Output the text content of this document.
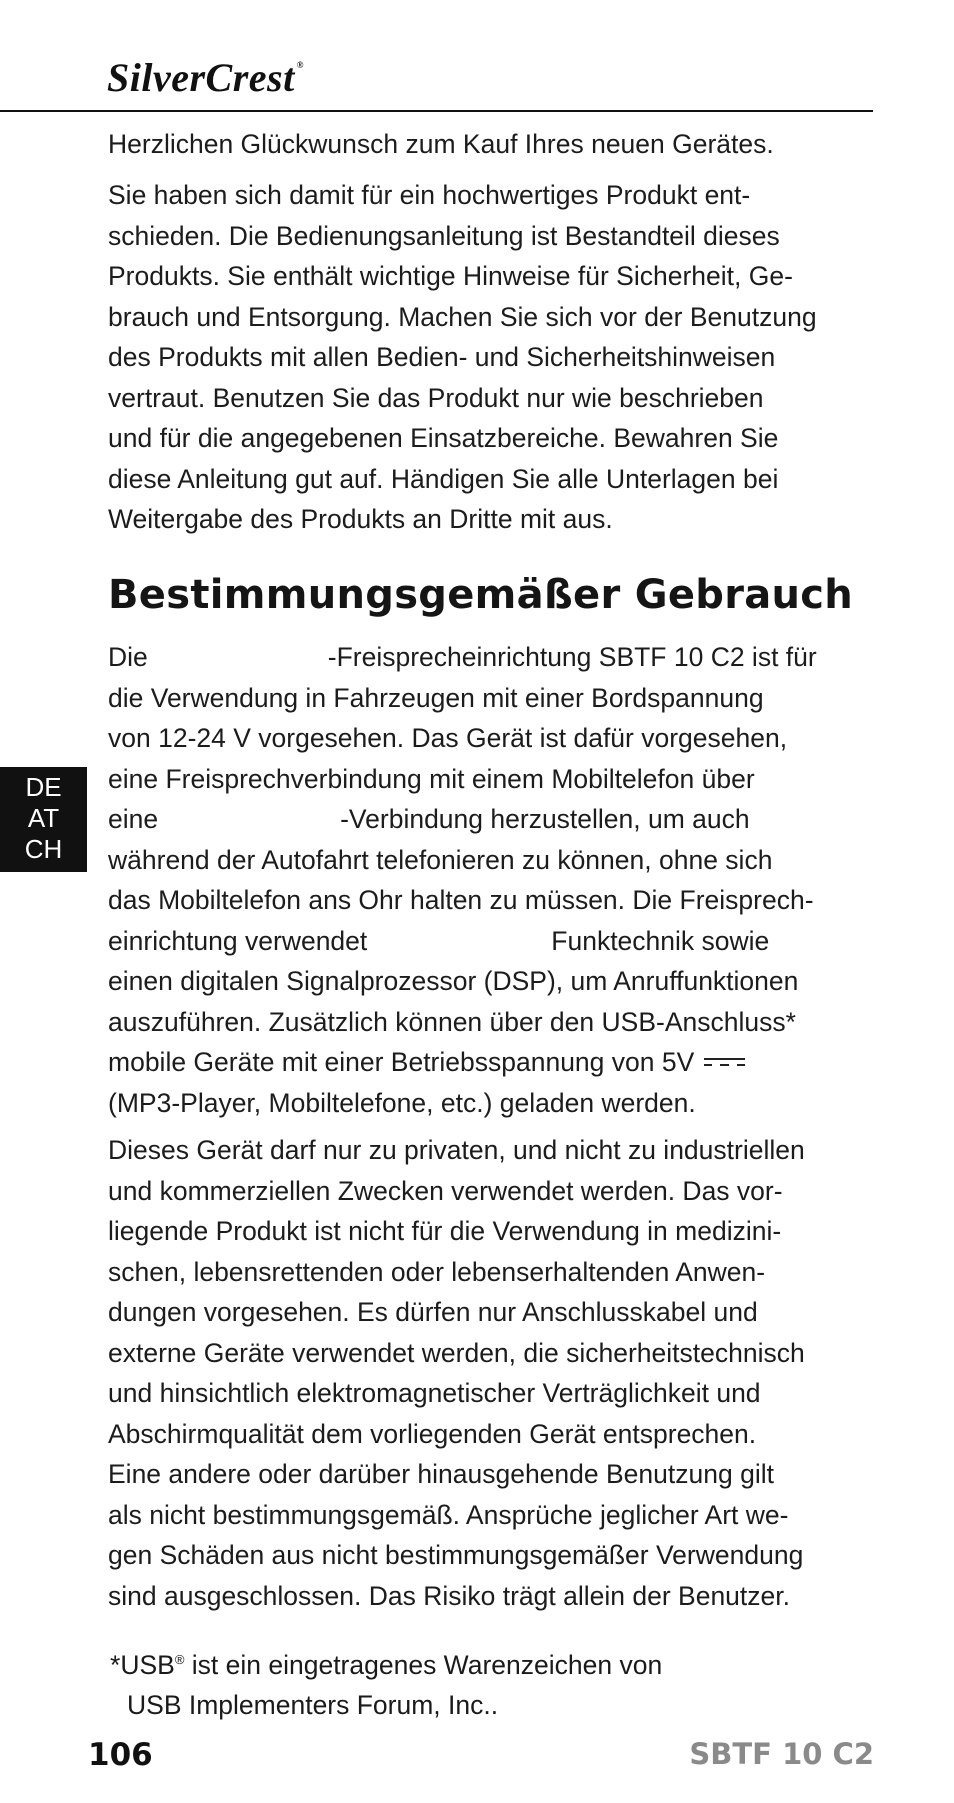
SilverCrest ®
Herzlichen Glückwunsch zum Kauf Ihres neuen Gerätes.
Sie haben sich damit für ein hochwertiges Produkt ent-
schieden. Die Bedienungsanleitung ist Bestandteil dieses
Produkts. Sie enthält wichtige Hinweise für Sicherheit, Ge-
brauch und Entsorgung. Machen Sie sich vor der Benutzung
des Produkts mit allen Bedien- und Sicherheitshinweisen
vertraut. Benutzen Sie das Produkt nur wie beschrieben
und für die angegebenen Einsatzbereiche. Bewahren Sie
diese Anleitung gut auf. Händigen Sie alle Unterlagen bei
Weitergabe des Produkts an Dritte mit aus.
Bestimmungsgemäßer Gebrauch
Die	-Freisprecheinrichtung SBTF 10 C2 ist für
die Verwendung in Fahrzeugen mit einer Bordspannung
von 12-24 V vorgesehen. Das Gerät ist dafür vorgesehen,
eine Freisprechverbindung mit einem Mobiltelefon über
eine	-Verbindung herzustellen, um auch
während der Autofahrt telefonieren zu können, ohne sich
das Mobiltelefon ans Ohr halten zu müssen. Die Freisprech-
einrichtung verwendet	Funktechnik sowie
einen digitalen Signalprozessor (DSP), um Anruffunktionen
auszuführen. Zusätzlich können über den USB-Anschluss*
mobile Geräte mit einer Betriebsspannung von 5V
(MP3-Player, Mobiltelefone, etc.) geladen werden.
Dieses Gerät darf nur zu privaten, und nicht zu industriellen
und kommerziellen Zwecken verwendet werden. Das vor-
liegende Produkt ist nicht für die Verwendung in medizini-
schen, lebensrettenden oder lebenserhaltenden Anwen-
dungen vorgesehen. Es dürfen nur Anschlusskabel und
externe Geräte verwendet werden, die sicherheitstechnisch
und hinsichtlich elektromagnetischer Verträglichkeit und
Abschirmqualität dem vorliegenden Gerät entsprechen.
Eine andere oder darüber hinausgehende Benutzung gilt
als nicht bestimmungsgemäß. Ansprüche jeglicher Art we-
gen Schäden aus nicht bestimmungsgemäßer Verwendung
sind ausgeschlossen. Das Risiko trägt allein der Benutzer.
*USB® ist ein eingetragenes Warenzeichen von
USB Implementers Forum, Inc..
DE
AT
CH
106	SBTF 10 C2
